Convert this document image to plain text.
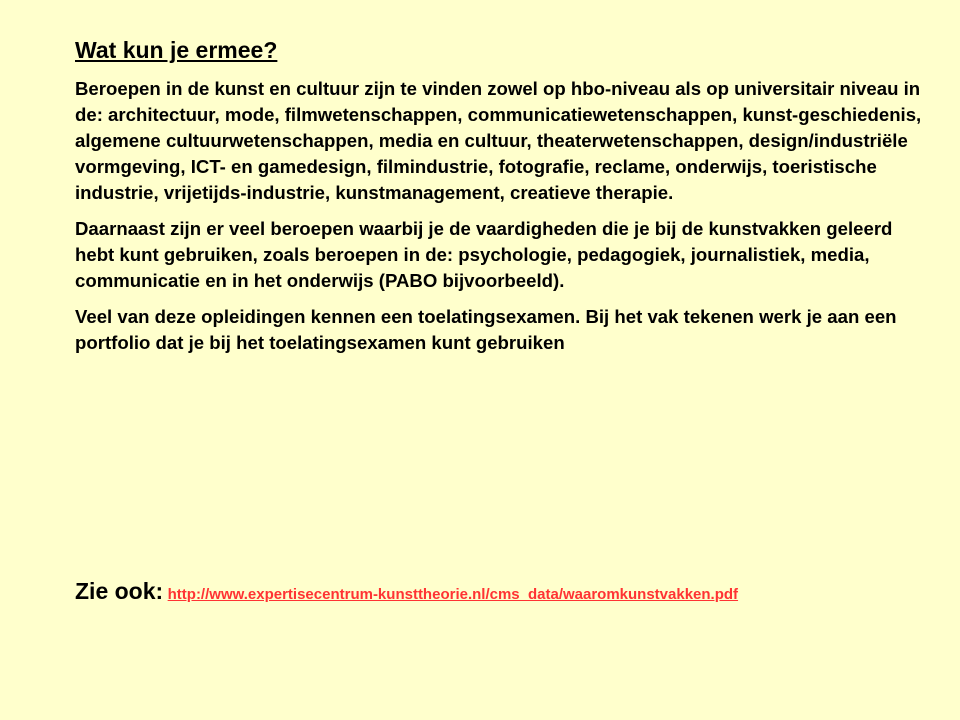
Wat kun je ermee?

Beroepen in de kunst en cultuur zijn te vinden zowel op hbo-niveau als op universitair niveau in de: architectuur, mode, filmwetenschappen, communicatiewetenschappen, kunst-geschiedenis, algemene cultuurwetenschappen, media en cultuur, theaterwetenschappen, design/industriële vormgeving, ICT- en gamedesign, filmindustrie, fotografie, reclame, onderwijs, toeristische industrie, vrijetijds-industrie, kunstmanagement, creatieve therapie.

Daarnaast zijn er veel beroepen waarbij je de vaardigheden die je bij de kunstvakken geleerd hebt kunt gebruiken, zoals beroepen in de: psychologie, pedagogiek, journalistiek, media, communicatie en in het onderwijs (PABO bijvoorbeeld).

Veel van deze opleidingen kennen een toelatingsexamen. Bij het vak tekenen werk je aan een portfolio dat je bij het toelatingsexamen kunt gebruiken

Zie ook: http://www.expertisecentrum-kunsttheorie.nl/cms_data/waaromkunstvakken.pdf
